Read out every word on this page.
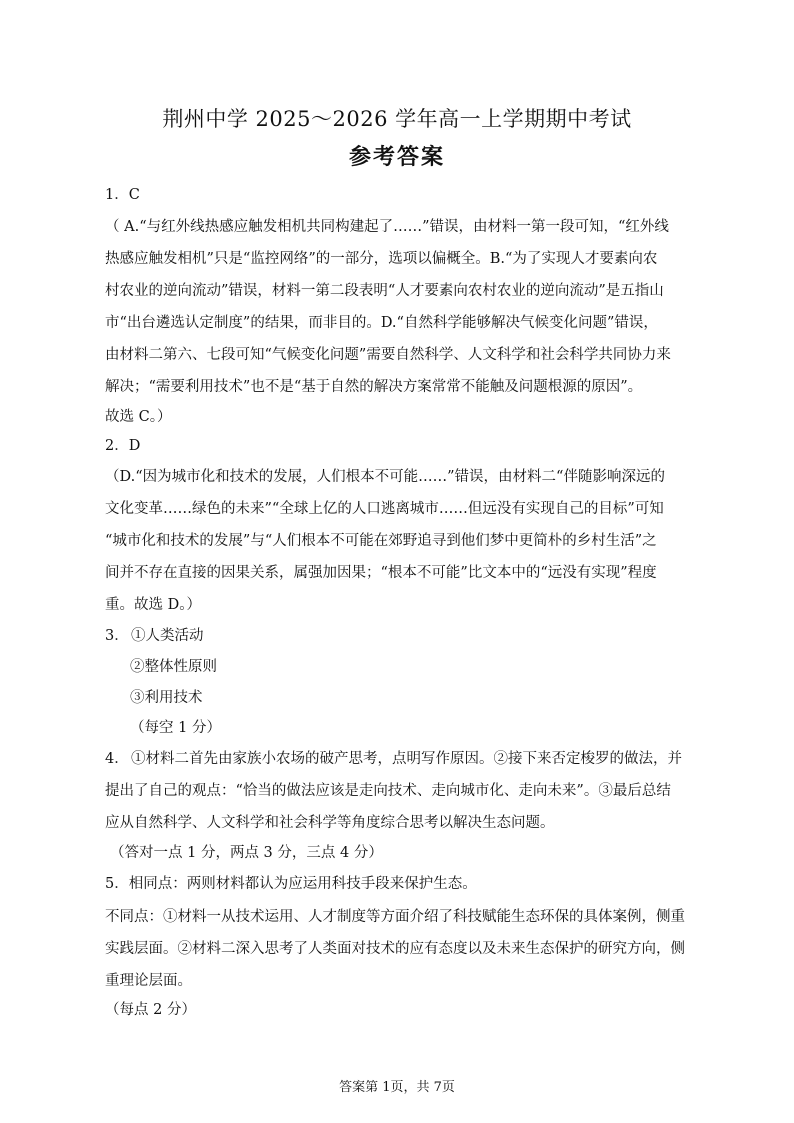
荆州中学 2025～2026 学年高一上学期期中考试
参考答案
1．C
（ A.“与红外线热感应触发相机共同构建起了……”错误，由材料一第一段可知，“红外线
热感应触发相机”只是“监控网络”的一部分，选项以偏概全。B.“为了实现人才要素向农
村农业的逆向流动”错误，材料一第二段表明“人才要素向农村农业的逆向流动”是五指山
市“出台遴选认定制度”的结果，而非目的。D.“自然科学能够解决气候变化问题”错误，
由材料二第六、七段可知“气候变化问题”需要自然科学、人文科学和社会科学共同协力来
解决；“需要利用技术”也不是“基于自然的解决方案常常不能触及问题根源的原因”。
故选 C。）
2．D
（D.“因为城市化和技术的发展，人们根本不可能……”错误，由材料二“伴随影响深远的
文化变革……绿色的未来”“全球上亿的人口逃离城市……但远没有实现自己的目标”可知
“城市化和技术的发展”与“人们根本不可能在郊野追寻到他们梦中更简朴的乡村生活”之
间并不存在直接的因果关系，属强加因果；“根本不可能”比文本中的“远没有实现”程度
重。故选 D。）
3． ①人类活动
②整体性原则
③利用技术
（每空 1 分）
4． ①材料二首先由家族小农场的破产思考，点明写作原因。②接下来否定梭罗的做法，并
提出了自己的观点：“恰当的做法应该是走向技术、走向城市化、走向未来”。③最后总结
应从自然科学、人文科学和社会科学等角度综合思考以解决生态问题。
（答对一点 1 分，两点 3 分，三点 4 分）
5．相同点：两则材料都认为应运用科技手段来保护生态。
不同点：①材料一从技术运用、人才制度等方面介绍了科技赋能生态环保的具体案例，侧重
实践层面。②材料二深入思考了人类面对技术的应有态度以及未来生态保护的研究方向，侧
重理论层面。
（每点 2 分）
答案第 1页，共 7页
